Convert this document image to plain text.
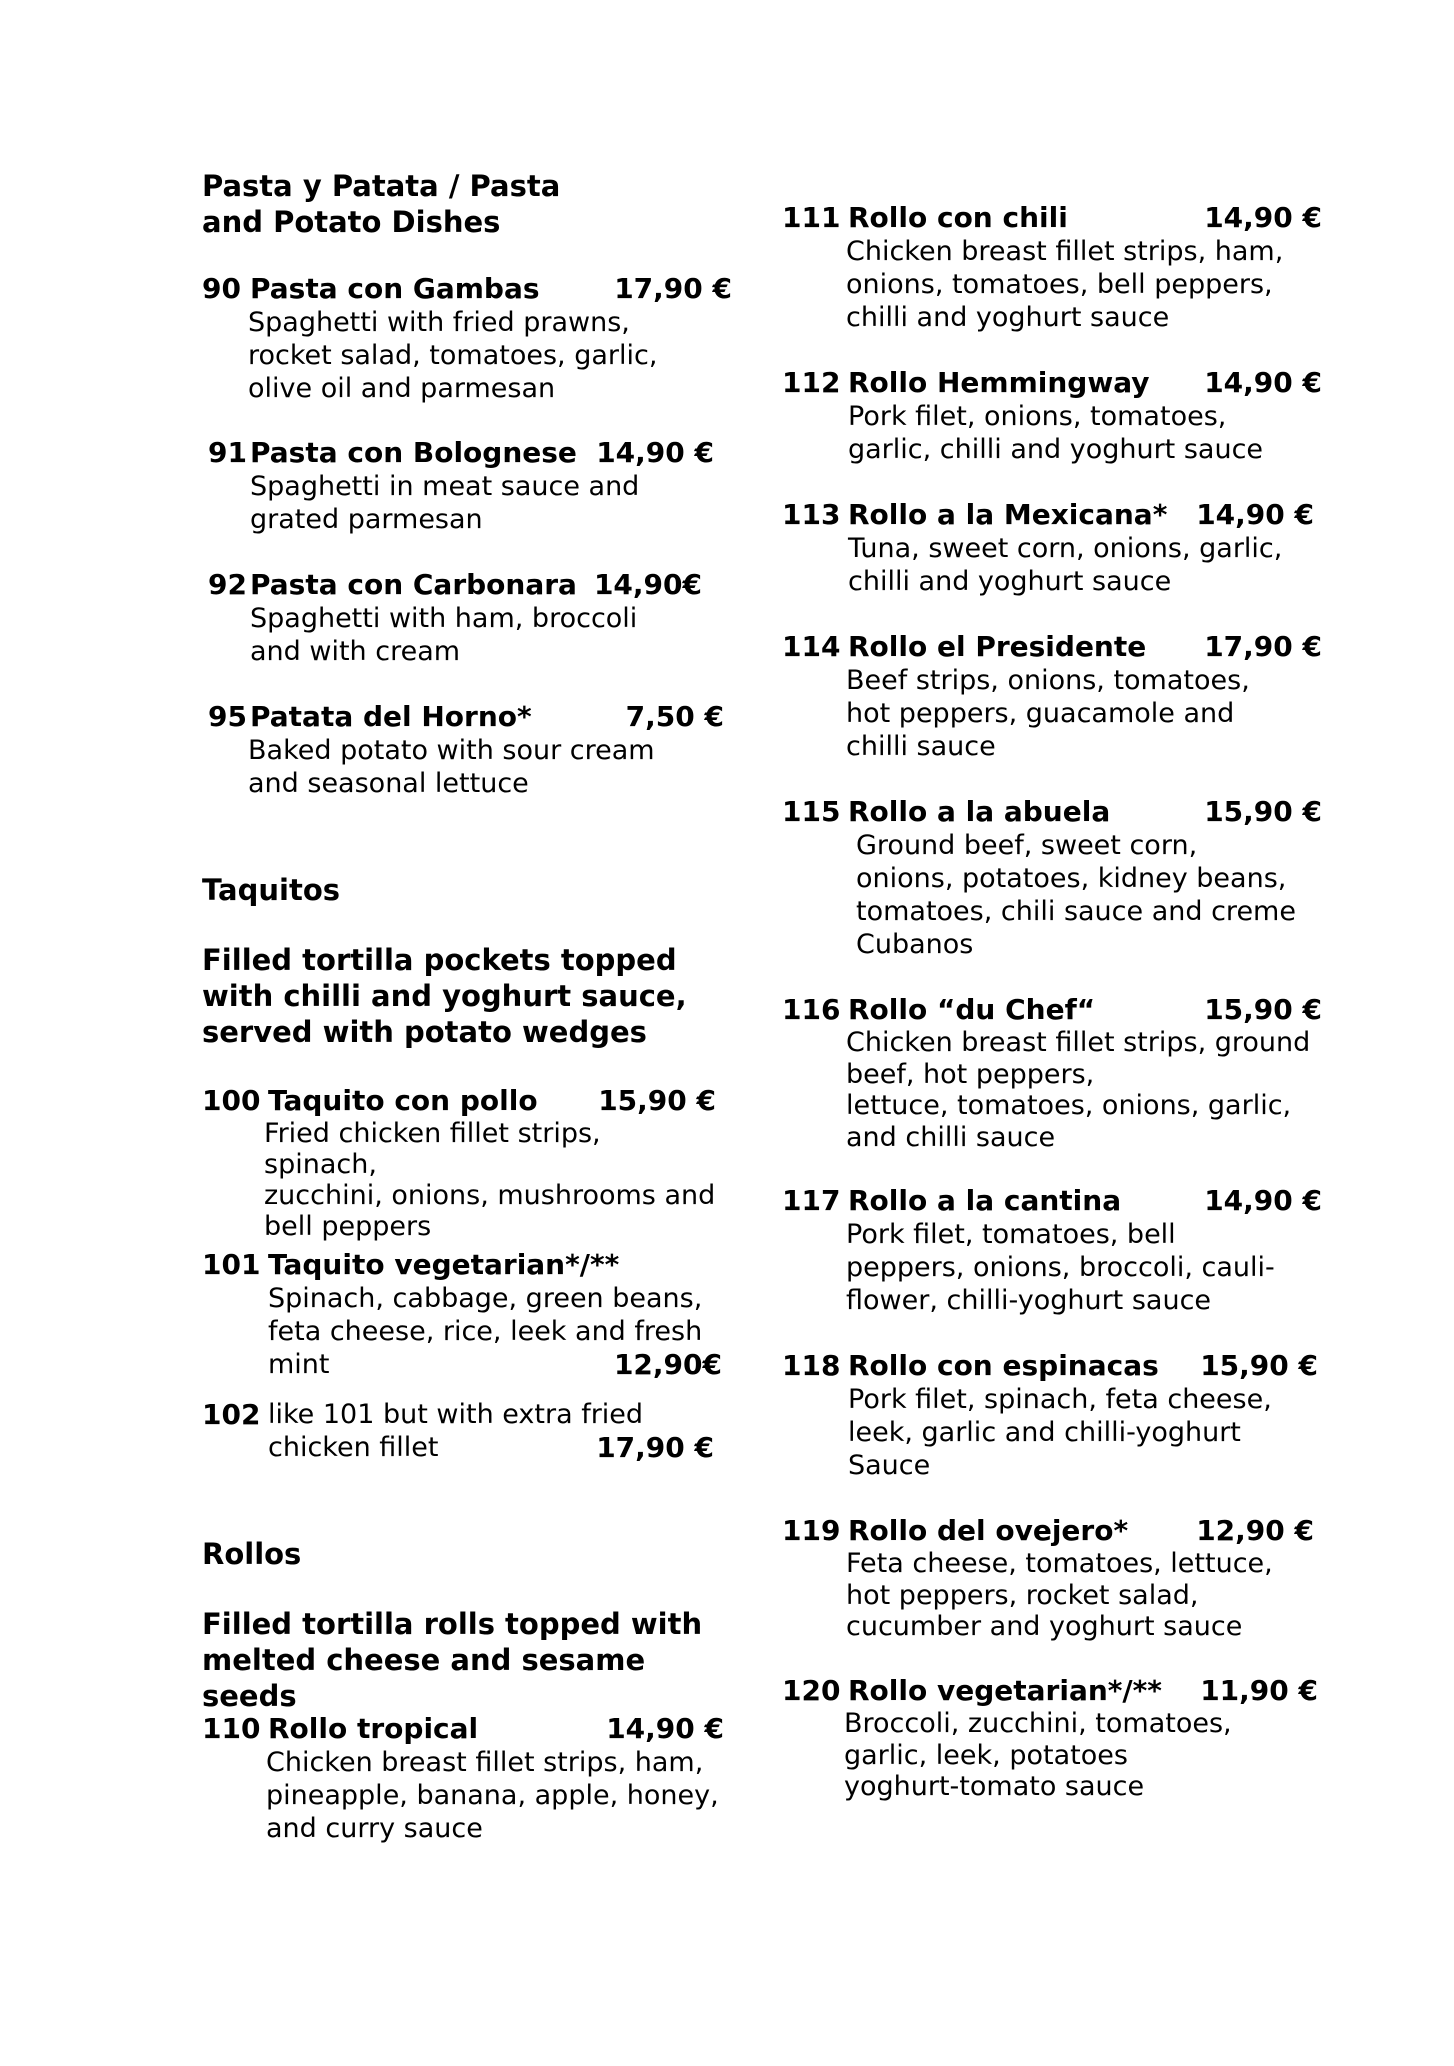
Pasta y Patata / Pasta
and Potato Dishes
90 Pasta con Gambas	17,90 €
Spaghetti with fried prawns,
rocket salad, tomatoes, garlic,
olive oil and parmesan
91 Pasta con Bolognese 14,90 €
Spaghetti in meat sauce and
grated parmesan
92 Pasta con Carbonara 14,90€
Spaghetti with ham, broccoli
and with cream
95 Patata del Horno*	7,50 €
Baked potato with sour cream
and seasonal lettuce
Taquitos
Filled tortilla pockets topped
with chilli and yoghurt sauce,
served with potato wedges
100 Taquito con pollo 15,90 €
Fried chicken fillet strips, spinach,
zucchini, onions, mushrooms and
bell peppers
101 Taquito vegetarian*/**
Spinach, cabbage, green beans,
feta cheese, rice, leek and fresh
mint	12,90€
102 like 101 but with extra fried
chicken fillet	17,90 €
Rollos
Filled tortilla rolls topped with
melted cheese and sesame seeds
110 Rollo tropical	14,90 €
Chicken breast fillet strips, ham,
pineapple, banana, apple, honey,
and curry sauce
111 Rollo con chili	14,90 €
Chicken breast fillet strips, ham,
onions, tomatoes, bell peppers,
chilli and yoghurt sauce
112 Rollo Hemmingway 14,90 €
Pork filet, onions, tomatoes,
garlic, chilli and yoghurt sauce
113 Rollo a la Mexicana* 14,90 €
Tuna, sweet corn, onions, garlic,
chilli and yoghurt sauce
114 Rollo el Presidente 17,90 €
Beef strips, onions, tomatoes,
hot peppers, guacamole and
chilli sauce
115 Rollo a la abuela	15,90 €
Ground beef, sweet corn,
onions, potatoes, kidney beans,
tomatoes, chili sauce and creme
Cubanos
116 Rollo “du Chef“	15,90 €
Chicken breast fillet strips, ground
beef, hot peppers,
lettuce, tomatoes, onions, garlic,
and chilli sauce
117 Rollo a la cantina	14,90 €
Pork filet, tomatoes, bell
peppers, onions, broccoli, cauli-
flower, chilli-yoghurt sauce
118 Rollo con espinacas 15,90 €
Pork filet, spinach, feta cheese,
leek, garlic and chilli-yoghurt
Sauce
119 Rollo del ovejero* 12,90 €
Feta cheese, tomatoes, lettuce,
hot peppers, rocket salad,
cucumber and yoghurt sauce
120 Rollo vegetarian*/** 11,90 €
Broccoli, zucchini, tomatoes,
garlic, leek, potatoes
yoghurt-tomato sauce
